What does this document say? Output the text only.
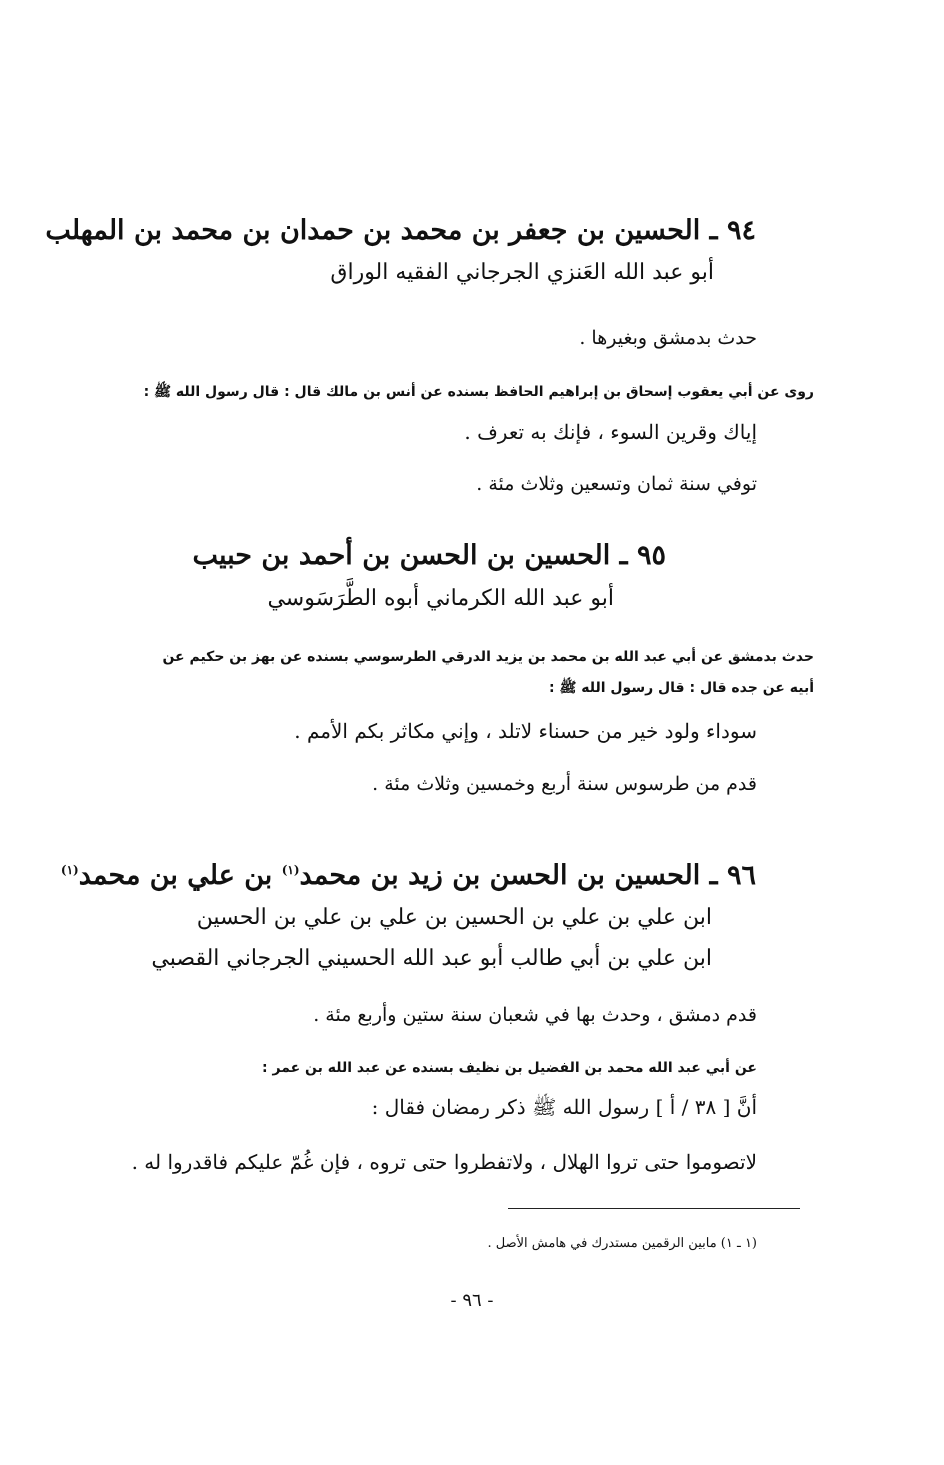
٩٤ ـ الحسين بن جعفر بن محمد بن حمدان بن محمد بن المهلب
أبو عبد الله العَنزي الجرجاني الفقيه الوراق
حدث بدمشق وبغيرها .
روى عن أبي يعقوب إسحاق بن إبراهيم الحافظ بسنده عن أنس بن مالك قال : قال رسول الله ﷺ :
إياك وقرين السوء ، فإنك به تعرف .
توفي سنة ثمان وتسعين وثلاث مئة .
٩٥ ـ الحسين بن الحسن بن أحمد بن حبيب
أبو عبد الله الكرماني أبوه الطَّرَسَوسي
حدث بدمشق عن أبي عبد الله بن محمد بن يزيد الدرقي الطرسوسي بسنده عن بهز بن حكيم عن
أبيه عن جده قال : قال رسول الله ﷺ :
سوداء ولود خير من حسناء لاتلد ، وإني مكاثر بكم الأمم .
قدم من طرسوس سنة أربع وخمسين وثلاث مئة .
٩٦ ـ الحسين بن الحسن بن زيد بن محمد$^{(١)}$ بن علي بن محمد$^{(١)}$
ابن علي بن علي بن الحسين بن علي بن علي بن الحسين
ابن علي بن أبي طالب أبو عبد الله الحسيني الجرجاني القصبي
قدم دمشق ، وحدث بها في شعبان سنة ستين وأربع مئة .
عن أبي عبد الله محمد بن الفضيل بن نظيف بسنده عن عبد الله بن عمر :
أنَّ [ ٣٨ / أ ] رسول الله ﷺ ذكر رمضان فقال :
لاتصوموا حتى تروا الهلال ، ولاتفطروا حتى تروه ، فإن غُمّ عليكم فاقدروا له .
(١ ـ ١) مابين الرقمين مستدرك في هامش الأصل .
- ٩٦ -
